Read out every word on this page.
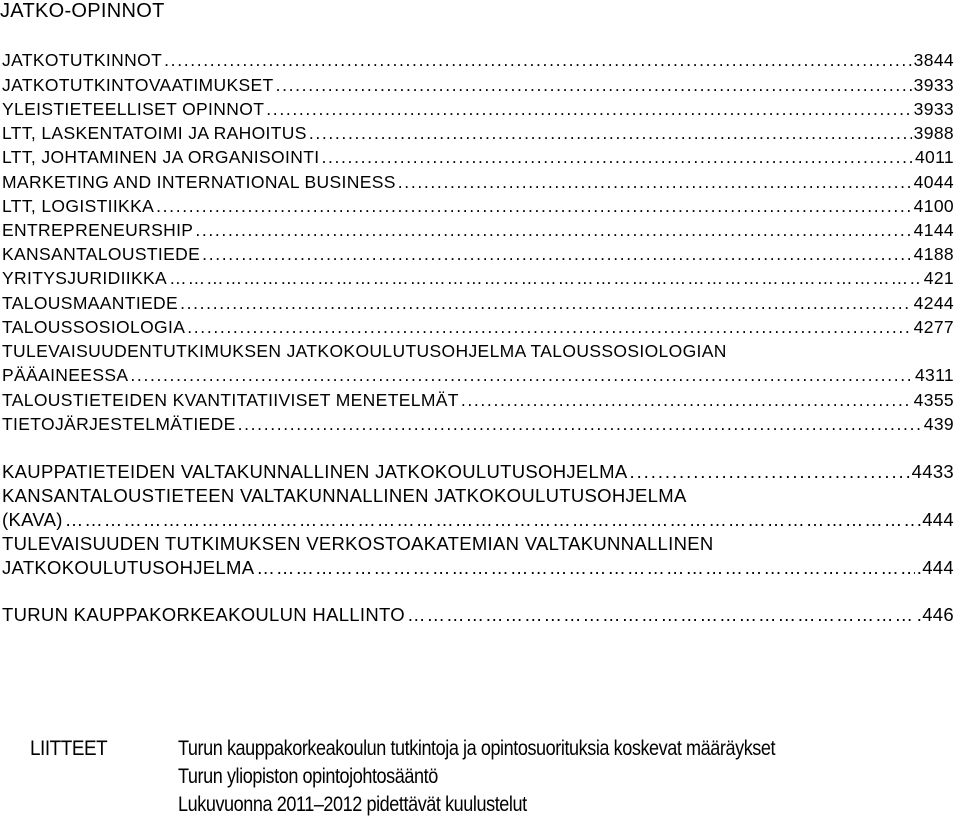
JATKO-OPINNOT
JATKOTUTKINNOT . . .	3844
JATKOTUTKINTOVAATIMUKSET . . .	3933
YLEISTIETEELLISET OPINNOT . . .	3933
LTT, LASKENTATOIMI JA RAHOITUS . . .	3988
LTT, JOHTAMINEN JA ORGANISOINTI . . .	4011
MARKETING AND INTERNATIONAL BUSINESS . . .	4044
LTT, LOGISTIIKKA . . .	4100
ENTREPRENEURSHIP . . .	4144
KANSANTALOUSTIEDE . . .	4188
YRITYSJURIDIIKKA ……………………………………………………………………………………………………………………………………………………………………………………………………………………………	421
TALOUSMAANTIEDE . . .	4244
TALOUSSOSIOLOGIA . . .	4277
TULEVAISUUDENTUTKIMUKSEN JATKOKOULUTUSOHJELMA TALOUSSOSIOLOGIAN
PÄÄAINEESSA . . .	4311
TALOUSTIETEIDEN KVANTITATIIVISET MENETELMÄT . . .	4355
TIETOJÄRJESTELMÄTIEDE . . .	439
KAUPPATIETEIDEN VALTAKUNNALLINEN JATKOKOULUTUSOHJELMA . . .	4433
KANSANTALOUSTIETEEN VALTAKUNNALLINEN JATKOKOULUTUSOHJELMA
(KAVA) ……………………………………………………………………………………………………………………………………………………………………………………………………………………………	.444
TULEVAISUUDEN TUTKIMUKSEN VERKOSTOAKATEMIAN VALTAKUNNALLINEN
JATKOKOULUTUSOHJELMA ……………………………………………………………………………………………………………………………………………………………………………………………………………………………	.444
TURUN KAUPPAKORKEAKOULUN HALLINTO ……………………………………………………………………………………………………………………………………………………………………………………………………………………………	.446
LIITTEET	Turun kauppakorkeakoulun tutkintoja ja opintosuorituksia koskevat määräykset
Turun yliopiston opintojohtosääntö
Lukuvuonna 2011–2012 pidettävät kuulustelut
